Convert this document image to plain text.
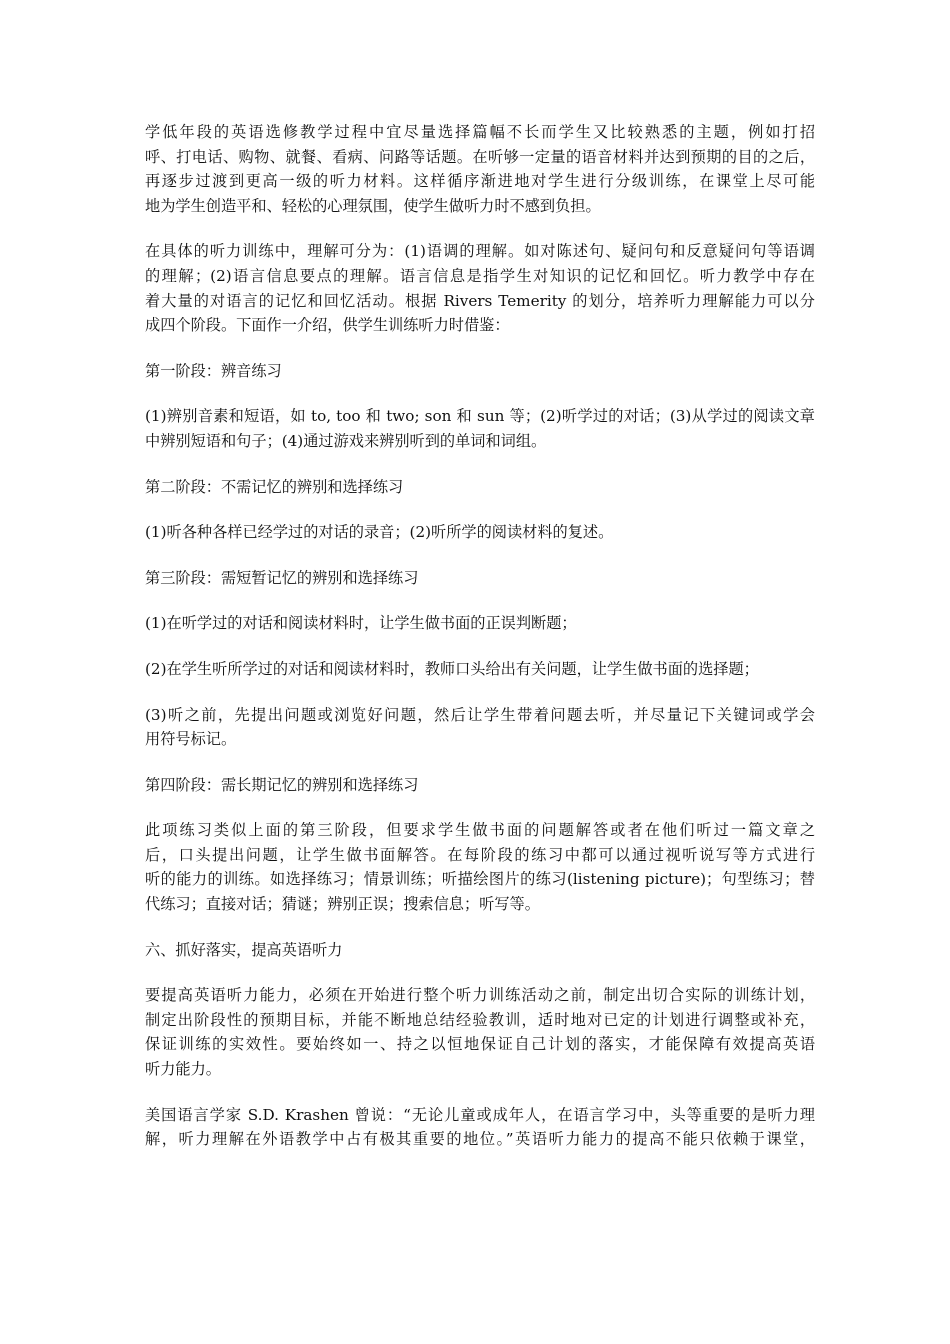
学低年段的英语选修教学过程中宜尽量选择篇幅不长而学生又比较熟悉的主题，例如打招
呼、打电话、购物、就餐、看病、问路等话题。在听够一定量的语音材料并达到预期的目的之后，
再逐步过渡到更高一级的听力材料。这样循序渐进地对学生进行分级训练，在课堂上尽可能
地为学生创造平和、轻松的心理氛围，使学生做听力时不感到负担。

在具体的听力训练中，理解可分为：(1)语调的理解。如对陈述句、疑问句和反意疑问句等语调
的理解；(2)语言信息要点的理解。语言信息是指学生对知识的记忆和回忆。听力教学中存在
着大量的对语言的记忆和回忆活动。根据 Rivers Temerity 的划分，培养听力理解能力可以分
成四个阶段。下面作一介绍，供学生训练听力时借鉴：

第一阶段：辨音练习

(1)辨别音素和短语，如 to, too 和 two; son 和 sun 等；(2)听学过的对话；(3)从学过的阅读文章
中辨别短语和句子；(4)通过游戏来辨别听到的单词和词组。

第二阶段：不需记忆的辨别和选择练习

(1)听各种各样已经学过的对话的录音；(2)听所学的阅读材料的复述。

第三阶段：需短暂记忆的辨别和选择练习

(1)在听学过的对话和阅读材料时，让学生做书面的正误判断题；

(2)在学生听所学过的对话和阅读材料时，教师口头给出有关问题，让学生做书面的选择题；

(3)听之前，先提出问题或浏览好问题，然后让学生带着问题去听，并尽量记下关键词或学会
用符号标记。

第四阶段：需长期记忆的辨别和选择练习

此项练习类似上面的第三阶段，但要求学生做书面的问题解答或者在他们听过一篇文章之
后，口头提出问题，让学生做书面解答。在每阶段的练习中都可以通过视听说写等方式进行
听的能力的训练。如选择练习；情景训练；听描绘图片的练习(listening picture)；句型练习；替
代练习；直接对话；猜谜；辨别正误；搜索信息；听写等。

六、抓好落实，提高英语听力

要提高英语听力能力，必须在开始进行整个听力训练活动之前，制定出切合实际的训练计划，
制定出阶段性的预期目标，并能不断地总结经验教训，适时地对已定的计划进行调整或补充，
保证训练的实效性。要始终如一、持之以恒地保证自己计划的落实，才能保障有效提高英语
听力能力。

美国语言学家 S.D. Krashen 曾说：“无论儿童或成年人，在语言学习中，头等重要的是听力理
解，听力理解在外语教学中占有极其重要的地位。”英语听力能力的提高不能只依赖于课堂，
